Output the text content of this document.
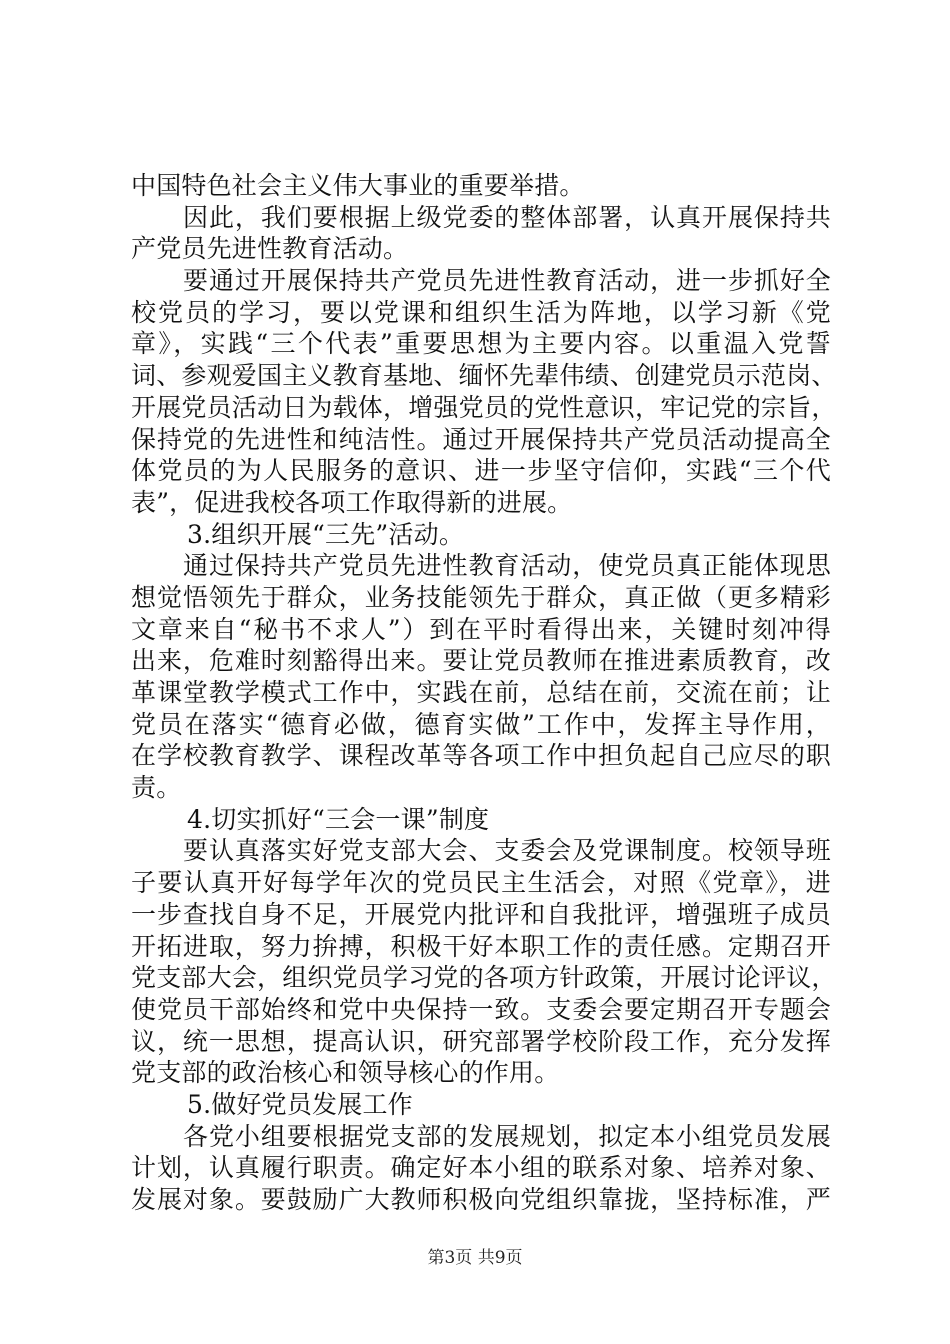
中国特色社会主义伟大事业的重要举措。
因此，我们要根据上级党委的整体部署，认真开展保持共
产党员先进性教育活动。
要通过开展保持共产党员先进性教育活动，进一步抓好全
校党员的学习，要以党课和组织生活为阵地，以学习新《党
章》，实践“三个代表”重要思想为主要内容。以重温入党誓
词、参观爱国主义教育基地、缅怀先辈伟绩、创建党员示范岗、
开展党员活动日为载体，增强党员的党性意识，牢记党的宗旨，
保持党的先进性和纯洁性。通过开展保持共产党员活动提高全
体党员的为人民服务的意识、进一步坚守信仰，实践“三个代
表”，促进我校各项工作取得新的进展。
3.组织开展“三先”活动。
通过保持共产党员先进性教育活动，使党员真正能体现思
想觉悟领先于群众，业务技能领先于群众，真正做（更多精彩
文章来自“秘书不求人”）到在平时看得出来，关键时刻冲得
出来，危难时刻豁得出来。要让党员教师在推进素质教育，改
革课堂教学模式工作中，实践在前，总结在前，交流在前；让
党员在落实“德育必做，德育实做”工作中，发挥主导作用，
在学校教育教学、课程改革等各项工作中担负起自己应尽的职
责。
4.切实抓好“三会一课”制度
要认真落实好党支部大会、支委会及党课制度。校领导班
子要认真开好每学年次的党员民主生活会，对照《党章》，进
一步查找自身不足，开展党内批评和自我批评，增强班子成员
开拓进取，努力拚搏，积极干好本职工作的责任感。定期召开
党支部大会，组织党员学习党的各项方针政策，开展讨论评议，
使党员干部始终和党中央保持一致。支委会要定期召开专题会
议，统一思想，提高认识，研究部署学校阶段工作，充分发挥
党支部的政治核心和领导核心的作用。
5.做好党员发展工作
各党小组要根据党支部的发展规划，拟定本小组党员发展
计划，认真履行职责。确定好本小组的联系对象、培养对象、
发展对象。要鼓励广大教师积极向党组织靠拢，坚持标准，严
第3页 共9页
